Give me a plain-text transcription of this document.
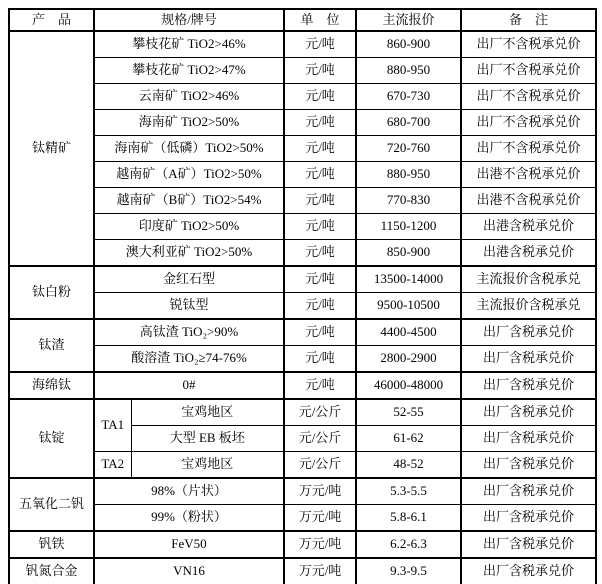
产　品	规格/牌号		单　位	主流报价	备　注
钛精矿	攀枝花矿 TiO2>46%		元/吨	860-900	出厂不含税承兑价
	攀枝花矿 TiO2>47%		元/吨	880-950	出厂不含税承兑价
	云南矿 TiO2>46%		元/吨	670-730	出厂不含税承兑价
	海南矿 TiO2>50%		元/吨	680-700	出厂不含税承兑价
	海南矿（低磷）TiO2>50%		元/吨	720-760	出厂不含税承兑价
	越南矿（A矿）TiO2>50%		元/吨	880-950	出港不含税承兑价
	越南矿（B矿）TiO2>54%		元/吨	770-830	出港不含税承兑价
	印度矿 TiO2>50%		元/吨	1150-1200	出港含税承兑价
	澳大利亚矿 TiO2>50%		元/吨	850-900	出港含税承兑价
钛白粉	金红石型		元/吨	13500-14000	主流报价含税承兑
	锐钛型		元/吨	9500-10500	主流报价含税承兑
钛渣	高钛渣 TiO₂>90%		元/吨	4400-4500	出厂含税承兑价
	酸溶渣 TiO₂≥74-76%		元/吨	2800-2900	出厂含税承兑价
海绵钛	0#		元/吨	46000-48000	出厂含税承兑价
钛锭	TA1	宝鸡地区	元/公斤	52-55	出厂含税承兑价
		大型 EB 板坯	元/公斤	61-62	出厂含税承兑价
	TA2	宝鸡地区	元/公斤	48-52	出厂含税承兑价
五氧化二钒	98%（片状）		万元/吨	5.3-5.5	出厂含税承兑价
	99%（粉状）		万元/吨	5.8-6.1	出厂含税承兑价
钒铁	FeV50		万元/吨	6.2-6.3	出厂含税承兑价
钒氮合金	VN16		万元/吨	9.3-9.5	出厂含税承兑价
